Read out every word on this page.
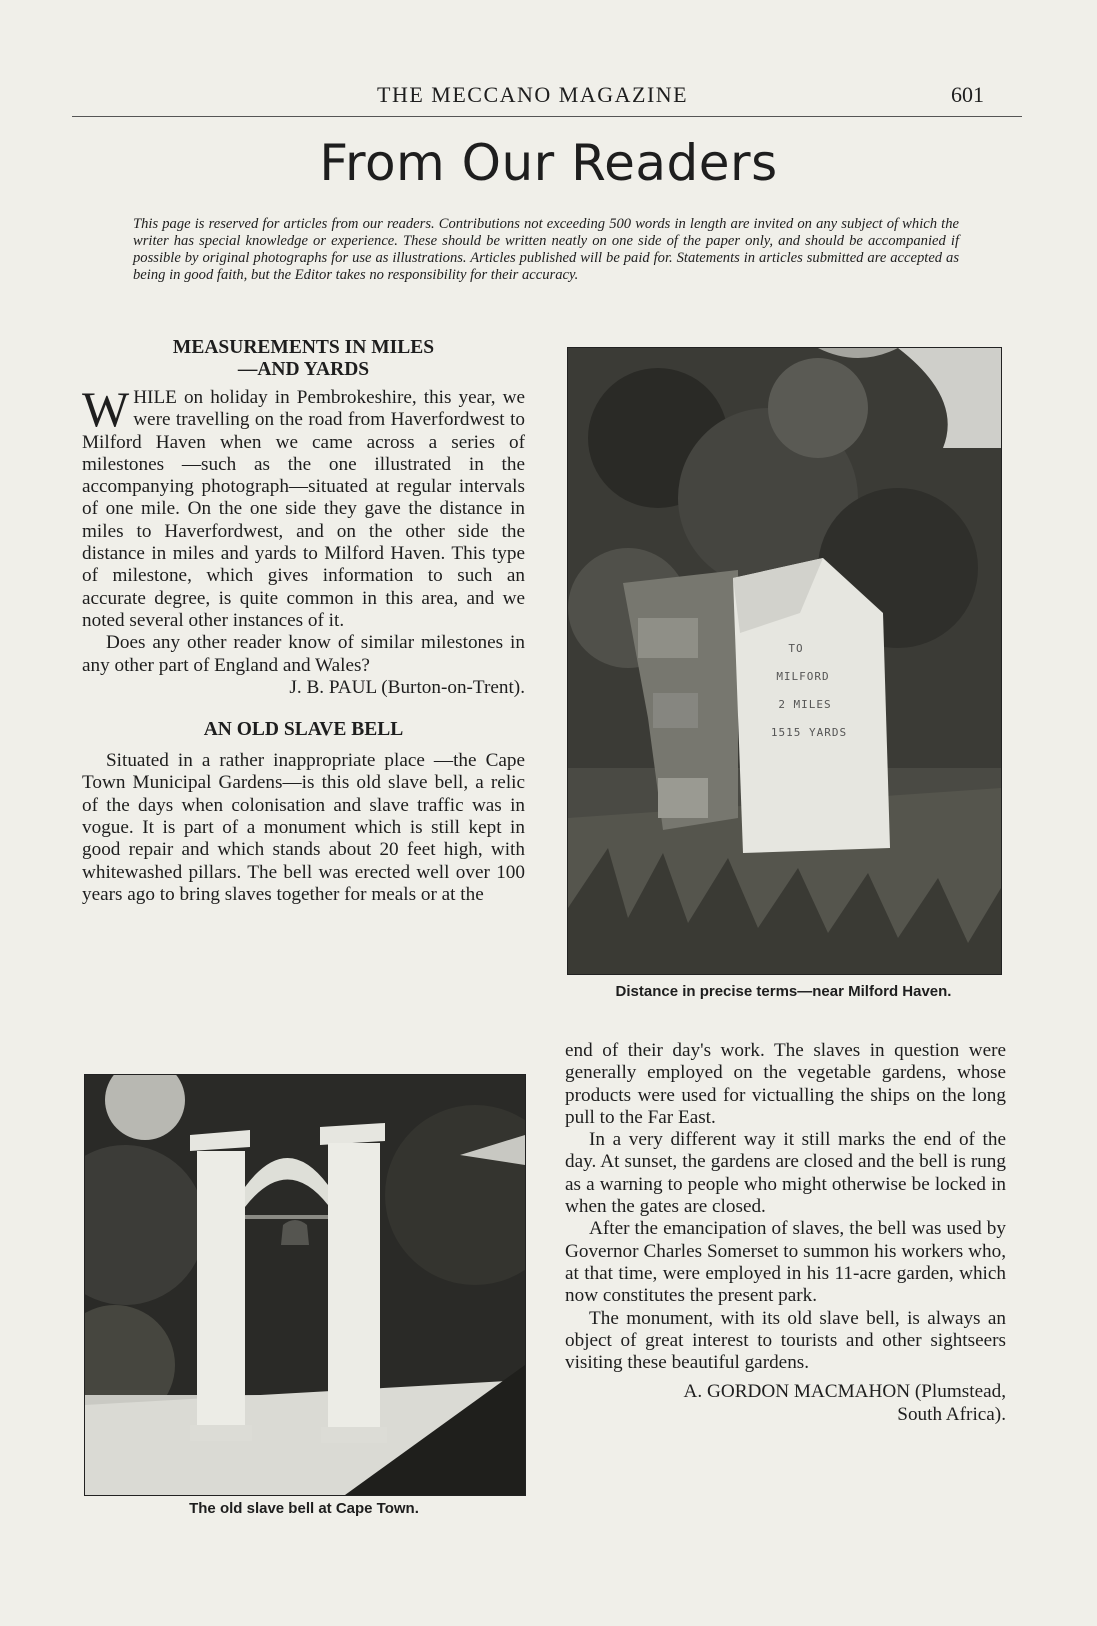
THE MECCANO MAGAZINE	601
From Our Readers

This page is reserved for articles from our readers. Contributions not exceeding 500 words in length are invited on any subject of which the writer has special knowledge or experience. These should be written neatly on one side of the paper only, and should be accompanied if possible by original photographs for use as illustrations. Articles published will be paid for. Statements in articles submitted are accepted as being in good faith, but the Editor takes no responsibility for their accuracy.

MEASUREMENTS IN MILES

—AND YARDS

WHILE on holiday in Pembrokeshire, this year, we were travelling on the road from Haverfordwest to Milford Haven when we came across a series of milestones —such as the one illustrated in the accompanying photograph—situated at regular intervals of one mile. On the one side they gave the distance in miles to Haverfordwest, and on the other side the distance in miles and yards to Milford Haven. This type of milestone, which gives information to such an accurate degree, is quite common in this area, and we noted several other instances of it.

Does any other reader know of similar milestones in any other part of England and Wales?

J. B. PAUL (Burton-on-Trent).

AN OLD SLAVE BELL

Situated in a rather inappropriate place —the Cape Town Municipal Gardens—is this old slave bell, a relic of the days when colonisation and slave traffic was in vogue. It is part of a monument which is still kept in good repair and which stands about 20 feet high, with whitewashed pillars. The bell was erected well over 100 years ago to bring slaves together for meals or at the

TO
MILFORD
2 MILES
1515 YARDS
Distance in precise terms—near Milford Haven.
The old slave bell at Cape Town.

end of their day's work. The slaves in question were generally employed on the vegetable gardens, whose products were used for victualling the ships on the long pull to the Far East.

In a very different way it still marks the end of the day. At sunset, the gardens are closed and the bell is rung as a warning to people who might otherwise be locked in when the gates are closed.

After the emancipation of slaves, the bell was used by Governor Charles Somerset to summon his workers who, at that time, were employed in his 11-acre garden, which now constitutes the present park.

The monument, with its old slave bell, is always an object of great interest to tourists and other sightseers visiting these beautiful gardens.

A. GORDON MACMAHON (Plumstead,

South Africa).
